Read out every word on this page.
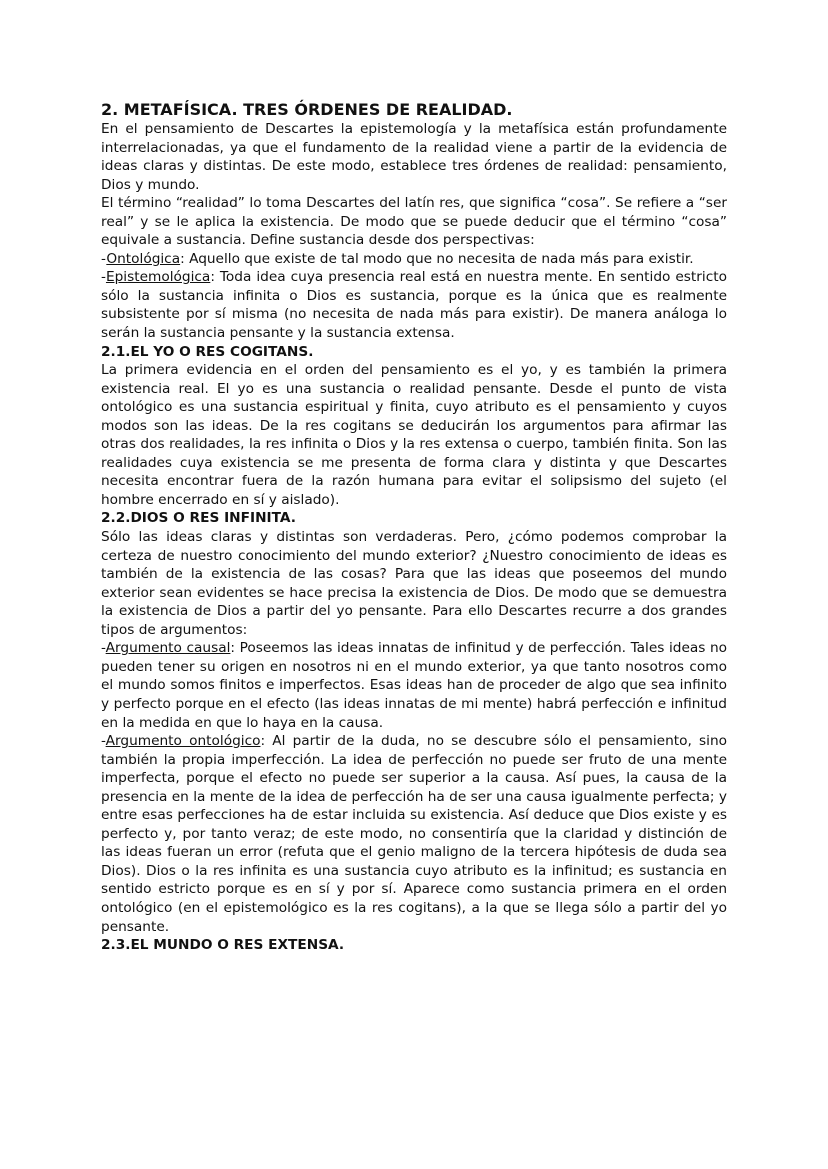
2. METAFÍSICA. TRES ÓRDENES DE REALIDAD.

En el pensamiento de Descartes la epistemología y la metafísica están profundamente interrelacionadas, ya que el fundamento de la realidad viene a partir de la evidencia de ideas claras y distintas. De este modo, establece tres órdenes de realidad: pensamiento, Dios y mundo.

El término “realidad” lo toma Descartes del latín res, que significa “cosa”. Se refiere a “ser real” y se le aplica la existencia. De modo que se puede deducir que el término “cosa” equivale a sustancia. Define sustancia desde dos perspectivas:

-Ontológica: Aquello que existe de tal modo que no necesita de nada más para existir.

-Epistemológica: Toda idea cuya presencia real está en nuestra mente. En sentido estricto sólo la sustancia infinita o Dios es sustancia, porque es la única que es realmente subsistente por sí misma (no necesita de nada más para existir). De manera análoga lo serán la sustancia pensante y la sustancia extensa.

2.1.EL YO O RES COGITANS.

La primera evidencia en el orden del pensamiento es el yo, y es también la primera existencia real. El yo es una sustancia o realidad pensante. Desde el punto de vista ontológico es una sustancia espiritual y finita, cuyo atributo es el pensamiento y cuyos modos son las ideas. De la res cogitans se deducirán los argumentos para afirmar las otras dos realidades, la res infinita o Dios y la res extensa o cuerpo, también finita. Son las realidades cuya existencia se me presenta de forma clara y distinta y que Descartes necesita encontrar fuera de la razón humana para evitar el solipsismo del sujeto (el hombre encerrado en sí y aislado).

2.2.DIOS O RES INFINITA.

Sólo las ideas claras y distintas son verdaderas. Pero, ¿cómo podemos comprobar la certeza de nuestro conocimiento del mundo exterior? ¿Nuestro conocimiento de ideas es también de la existencia de las cosas? Para que las ideas que poseemos del mundo exterior sean evidentes se hace precisa la existencia de Dios. De modo que se demuestra la existencia de Dios a partir del yo pensante. Para ello Descartes recurre a dos grandes tipos de argumentos:

-Argumento causal: Poseemos las ideas innatas de infinitud y de perfección. Tales ideas no pueden tener su origen en nosotros ni en el mundo exterior, ya que tanto nosotros como el mundo somos finitos e imperfectos. Esas ideas han de proceder de algo que sea infinito y perfecto porque en el efecto (las ideas innatas de mi mente) habrá perfección e infinitud en la medida en que lo haya en la causa.

-Argumento ontológico: Al partir de la duda, no se descubre sólo el pensamiento, sino también la propia imperfección. La idea de perfección no puede ser fruto de una mente imperfecta, porque el efecto no puede ser superior a la causa. Así pues, la causa de la presencia en la mente de la idea de perfección ha de ser una causa igualmente perfecta; y entre esas perfecciones ha de estar incluida su existencia. Así deduce que Dios existe y es perfecto y, por tanto veraz; de este modo, no consentiría que la claridad y distinción de las ideas fueran un error (refuta que el genio maligno de la tercera hipótesis de duda sea Dios). Dios o la res infinita es una sustancia cuyo atributo es la infinitud; es sustancia en sentido estricto porque es en sí y por sí. Aparece como sustancia primera en el orden ontológico (en el epistemológico es la res cogitans), a la que se llega sólo a partir del yo pensante.

2.3.EL MUNDO O RES EXTENSA.
